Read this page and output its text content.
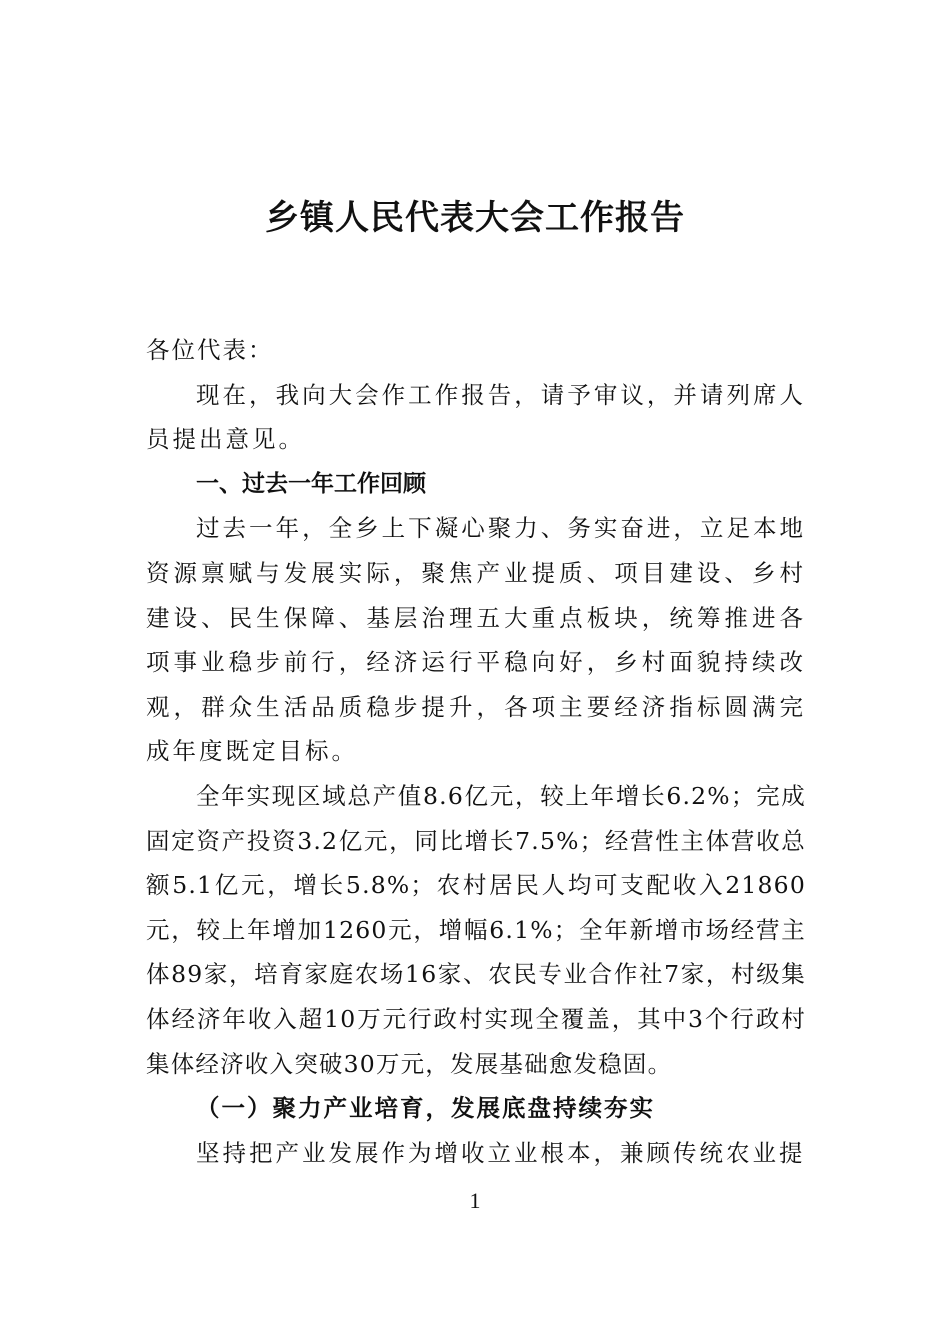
乡镇人民代表大会工作报告

各位代表：

现在，我向大会作工作报告，请予审议，并请列席人员提出意见。

一、过去一年工作回顾

过去一年，全乡上下凝心聚力、务实奋进，立足本地资源禀赋与发展实际，聚焦产业提质、项目建设、乡村建设、民生保障、基层治理五大重点板块，统筹推进各项事业稳步前行，经济运行平稳向好，乡村面貌持续改观，群众生活品质稳步提升，各项主要经济指标圆满完成年度既定目标。

全年实现区域总产值8.6亿元，较上年增长6.2%；完成固定资产投资3.2亿元，同比增长7.5%；经营性主体营收总额5.1亿元，增长5.8%；农村居民人均可支配收入21860元，较上年增加1260元，增幅6.1%；全年新增市场经营主体89家，培育家庭农场16家、农民专业合作社7家，村级集体经济年收入超10万元行政村实现全覆盖，其中3个行政村集体经济收入突破30万元，发展基础愈发稳固。

（一）聚力产业培育，发展底盘持续夯实

坚持把产业发展作为增收立业根本，兼顾传统农业提

1
